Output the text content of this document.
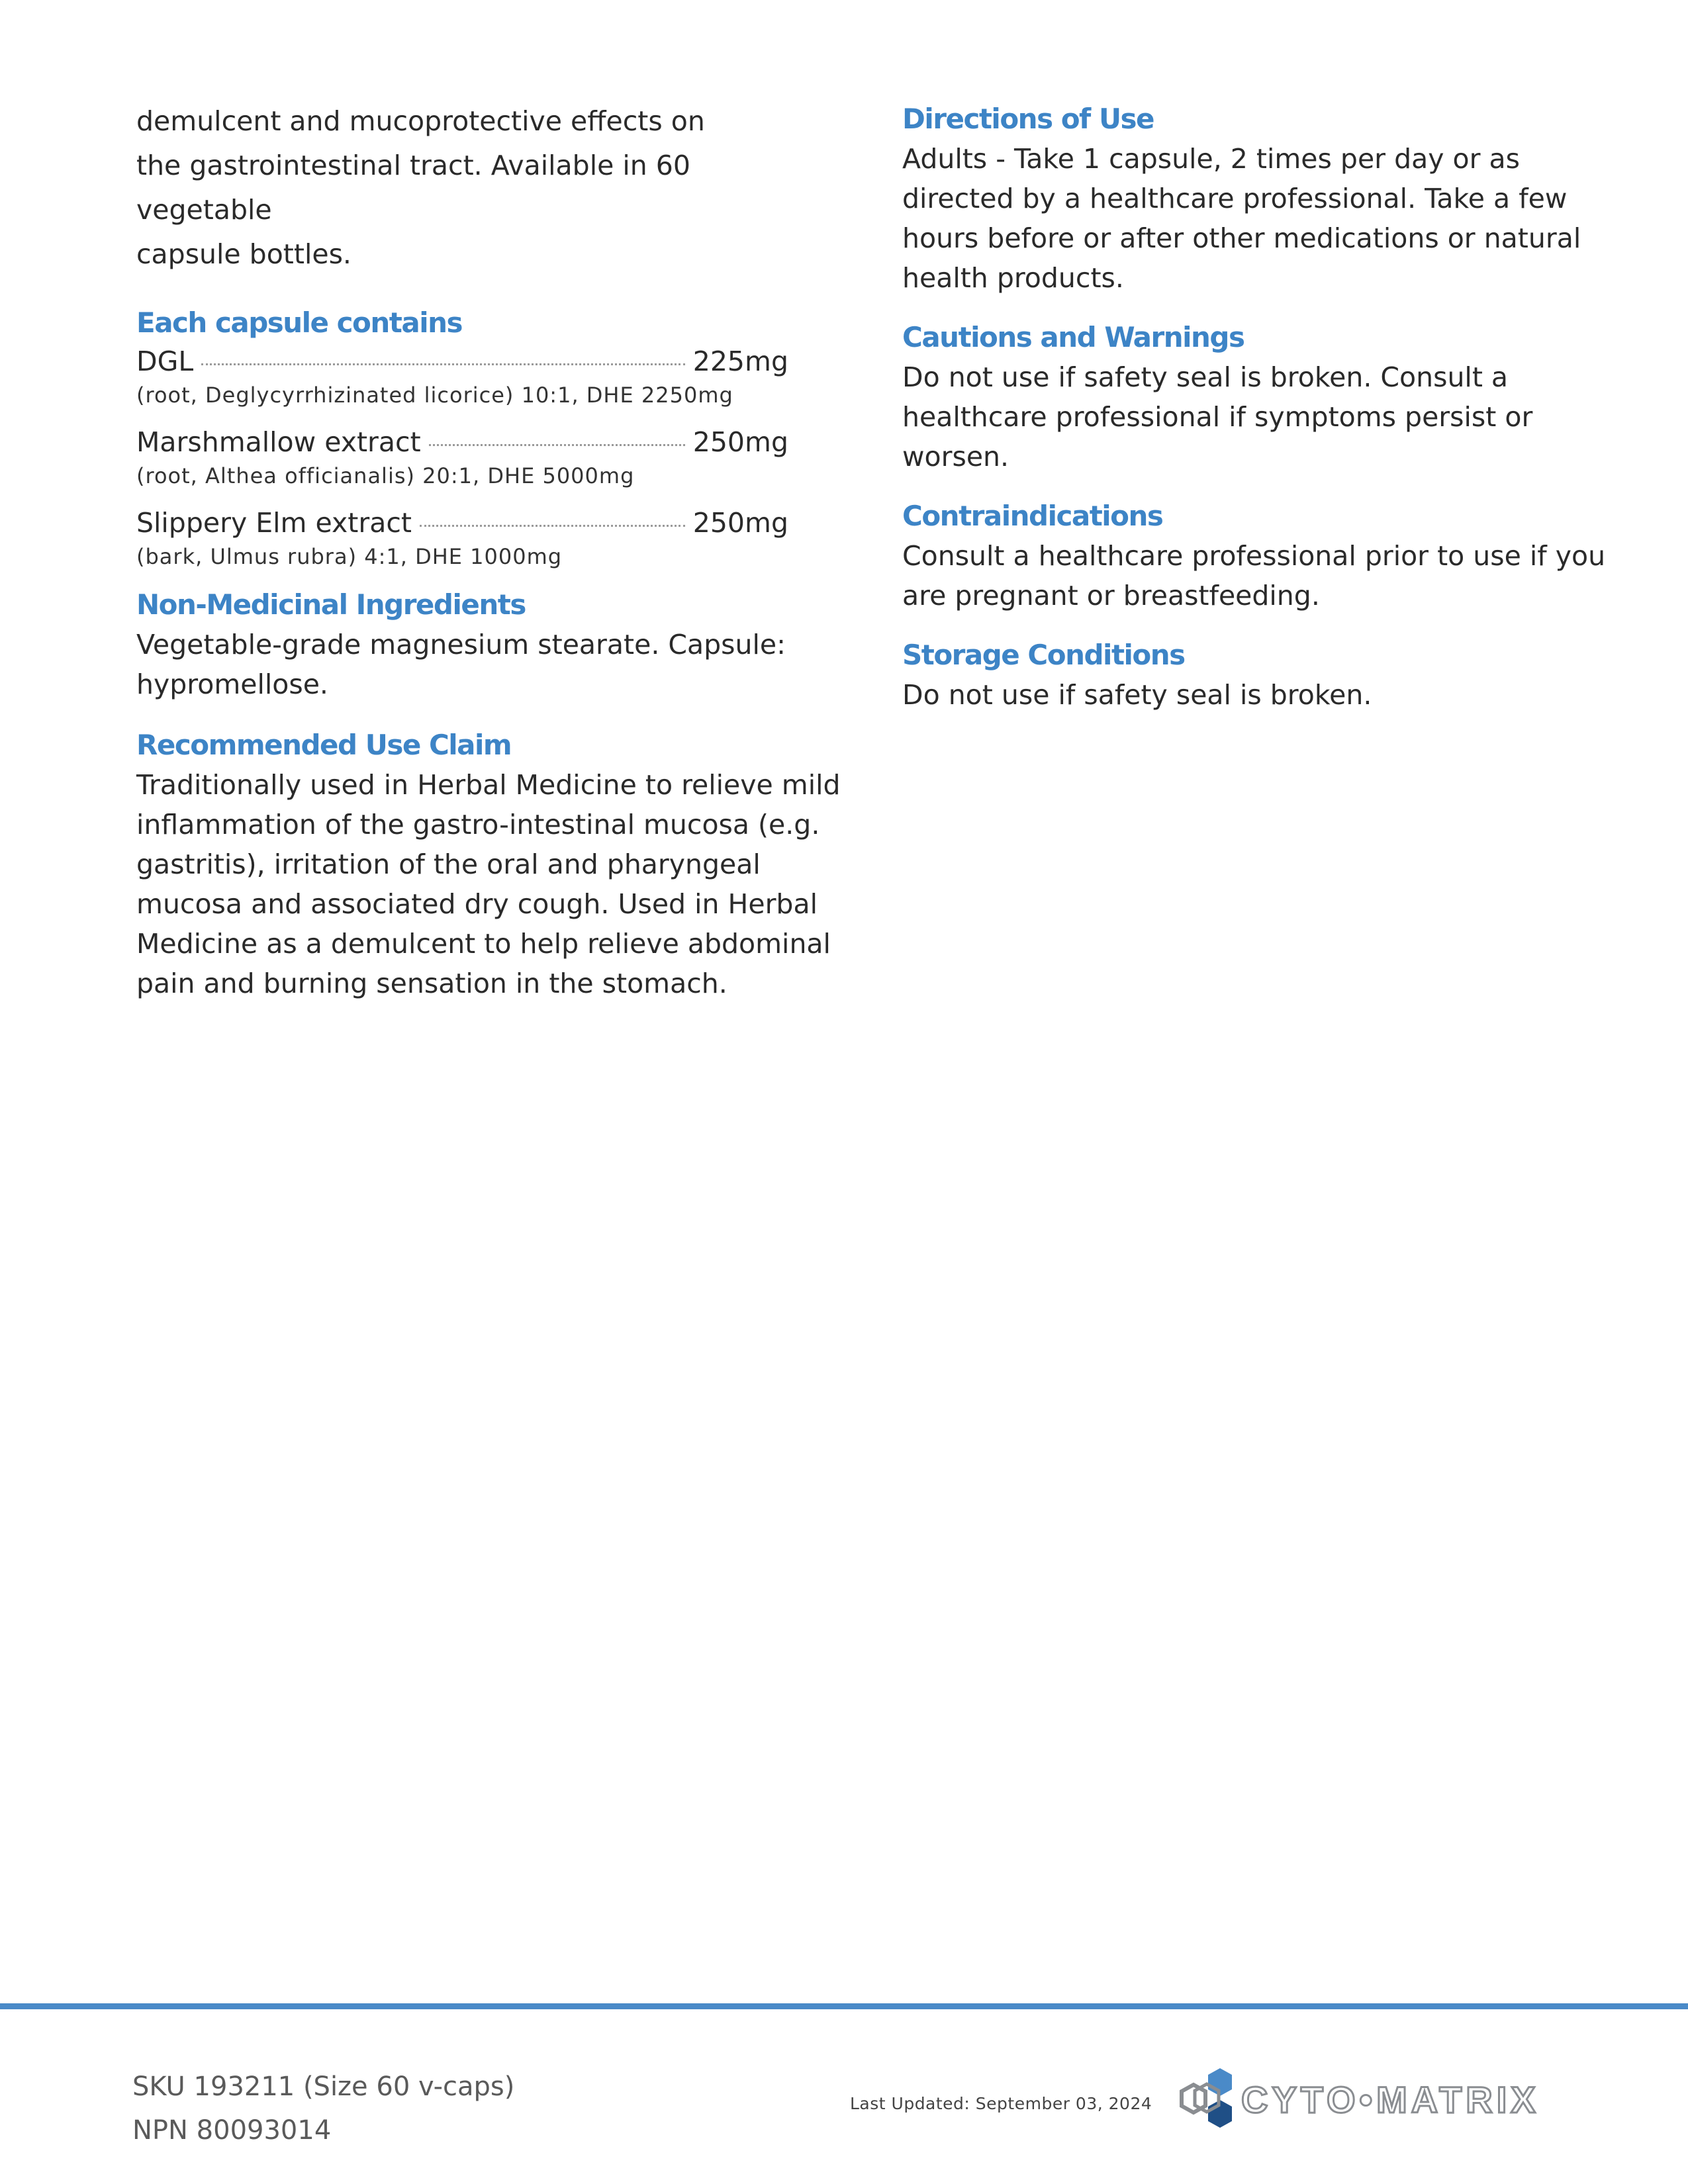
demulcent and mucoprotective effects on
the gastrointestinal tract. Available in 60 vegetable
capsule bottles.
Each capsule contains
DGL	225mg
(root, Deglycyrrhizinated licorice) 10:1, DHE 2250mg
Marshmallow extract	250mg
(root, Althea officianalis) 20:1, DHE 5000mg
Slippery Elm extract	250mg
(bark, Ulmus rubra) 4:1, DHE 1000mg
Non-Medicinal Ingredients
Vegetable-grade magnesium stearate. Capsule:
hypromellose.
Recommended Use Claim
Traditionally used in Herbal Medicine to relieve mild
inflammation of the gastro-intestinal mucosa (e.g.
gastritis), irritation of the oral and pharyngeal
mucosa and associated dry cough. Used in Herbal
Medicine as a demulcent to help relieve abdominal
pain and burning sensation in the stomach.
Directions of Use
Adults - Take 1 capsule, 2 times per day or as
directed by a healthcare professional. Take a few
hours before or after other medications or natural
health products.
Cautions and Warnings
Do not use if safety seal is broken. Consult a
healthcare professional if symptoms persist or
worsen.
Contraindications
Consult a healthcare professional prior to use if you
are pregnant or breastfeeding.
Storage Conditions
Do not use if safety seal is broken.
SKU 193211 (Size 60 v-caps)
NPN 80093014
Last Updated: September 03, 2024 CYTO•MATRIX
